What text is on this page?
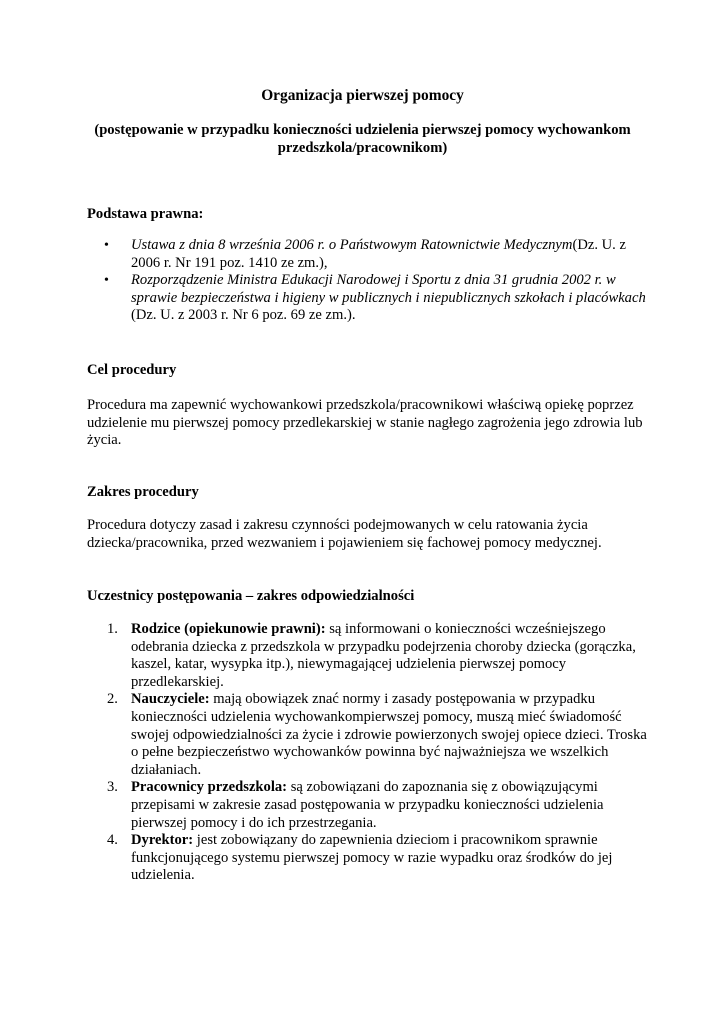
Organizacja pierwszej pomocy
(postępowanie w przypadku konieczności udzielenia pierwszej pomocy wychowankom przedszkola/pracownikom)
Podstawa prawna:
• Ustawa z dnia 8 września 2006 r. o Państwowym Ratownictwie Medycznym(Dz. U. z 2006 r. Nr 191 poz. 1410 ze zm.),
• Rozporządzenie Ministra Edukacji Narodowej i Sportu z dnia 31 grudnia 2002 r. w sprawie bezpieczeństwa i higieny w publicznych i niepublicznych szkołach i placówkach (Dz. U. z 2003 r. Nr 6 poz. 69 ze zm.).
Cel procedury
Procedura ma zapewnić wychowankowi przedszkola/pracownikowi właściwą opiekę poprzez udzielenie mu pierwszej pomocy przedlekarskiej w stanie nagłego zagrożenia jego zdrowia lub życia.
Zakres procedury
Procedura dotyczy zasad i zakresu czynności podejmowanych w celu ratowania życia dziecka/pracownika, przed wezwaniem i pojawieniem się fachowej pomocy medycznej.
Uczestnicy postępowania – zakres odpowiedzialności
1. Rodzice (opiekunowie prawni): są informowani o konieczności wcześniejszego odebrania dziecka z przedszkola w przypadku podejrzenia choroby dziecka (gorączka, kaszel, katar, wysypka itp.), niewymagającej udzielenia pierwszej pomocy przedlekarskiej.
2. Nauczyciele: mają obowiązek znać normy i zasady postępowania w przypadku konieczności udzielenia wychowankompierwszej pomocy, muszą mieć świadomość swojej odpowiedzialności za życie i zdrowie powierzonych swojej opiece dzieci. Troska o pełne bezpieczeństwo wychowanków powinna być najważniejsza we wszelkich działaniach.
3. Pracownicy przedszkola: są zobowiązani do zapoznania się z obowiązującymi przepisami w zakresie zasad postępowania w przypadku konieczności udzielenia pierwszej pomocy i do ich przestrzegania.
4. Dyrektor: jest zobowiązany do zapewnienia dzieciom i pracownikom sprawnie funkcjonującego systemu pierwszej pomocy w razie wypadku oraz środków do jej udzielenia.
